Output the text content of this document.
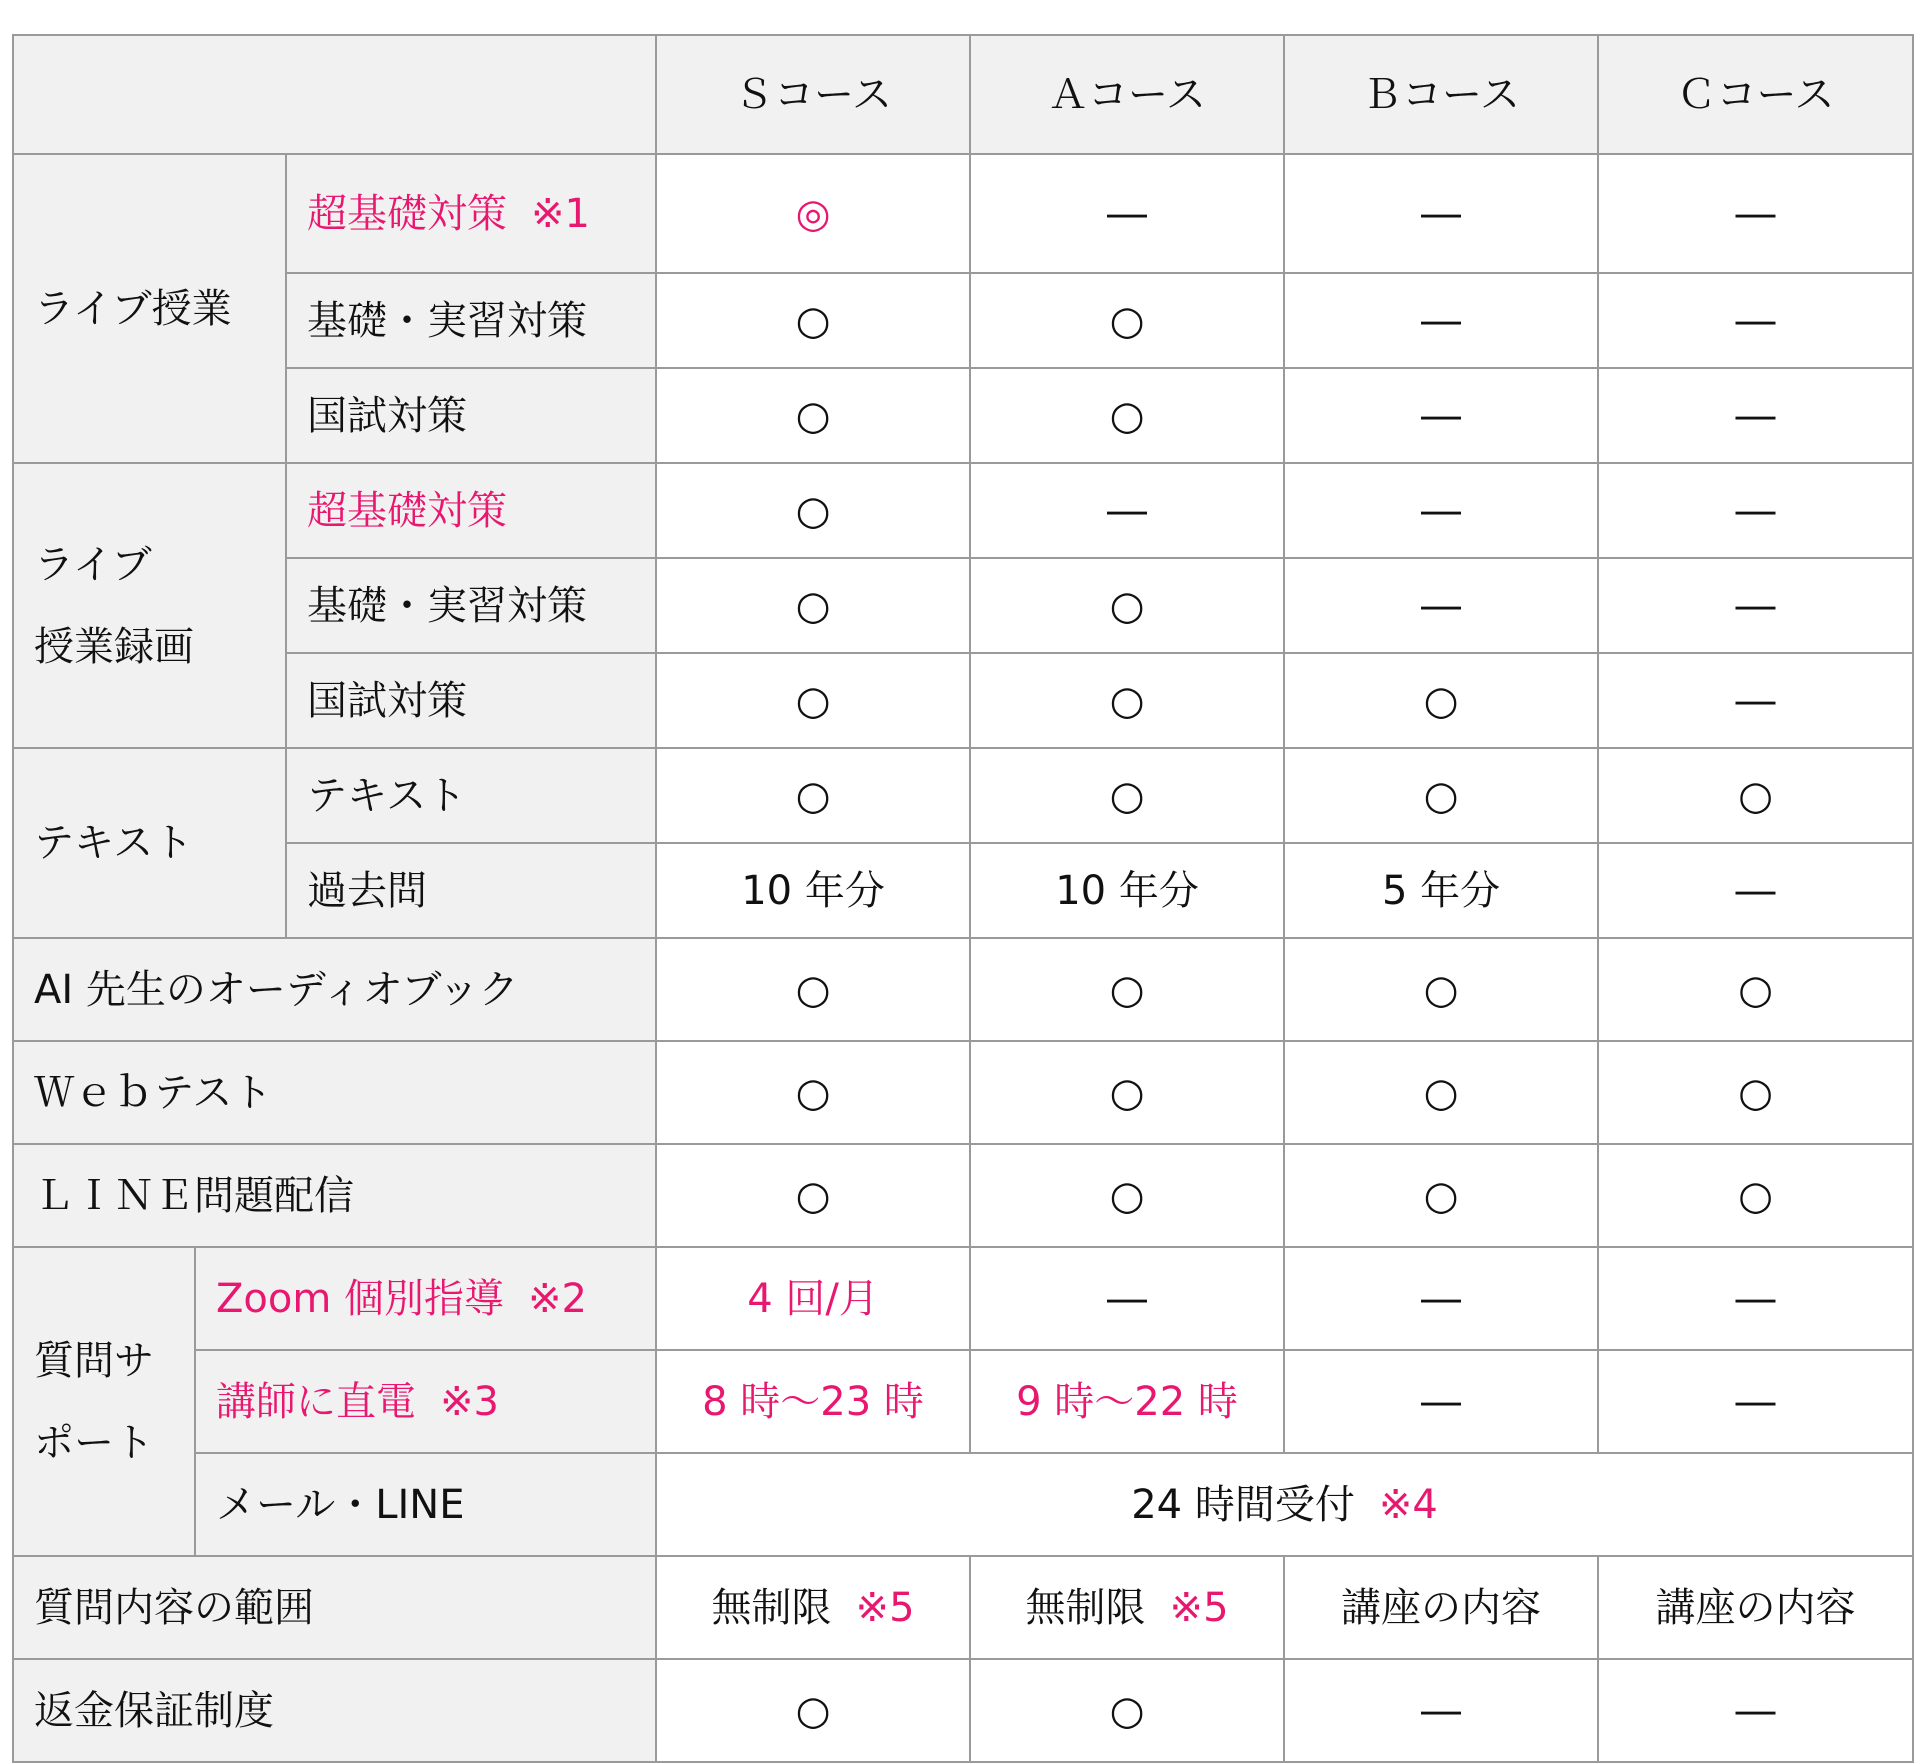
			Ｓコース	Ａコース	Ｂコース	Ｃコース
ライブ授業		超基礎対策 ※1	◎	―	―	―
		基礎・実習対策	○	○	―	―
		国試対策	○	○	―	―

ライブ
授業録画		超基礎対策	○	―	―	―
		基礎・実習対策	○	○	―	―
		国試対策	○	○	○	―
テキスト		テキスト	○	○	○	○
		過去問	10 年分	10 年分	5 年分	―
AI 先生のオーディオブック			○	○	○	○
Ｗｅｂテスト			○	○	○	○
ＬＩＮＥ問題配信			○	○	○	○

質問サ
ポート	Zoom 個別指導 ※2		4 回/月	―	―	―
	講師に直電 ※3		8 時～23 時	9 時～22 時	―	―
	メール・LINE		24 時間受付 ※4			
質問内容の範囲			無制限 ※5	無制限 ※5	講座の内容	講座の内容
返金保証制度			○	○	―	―
